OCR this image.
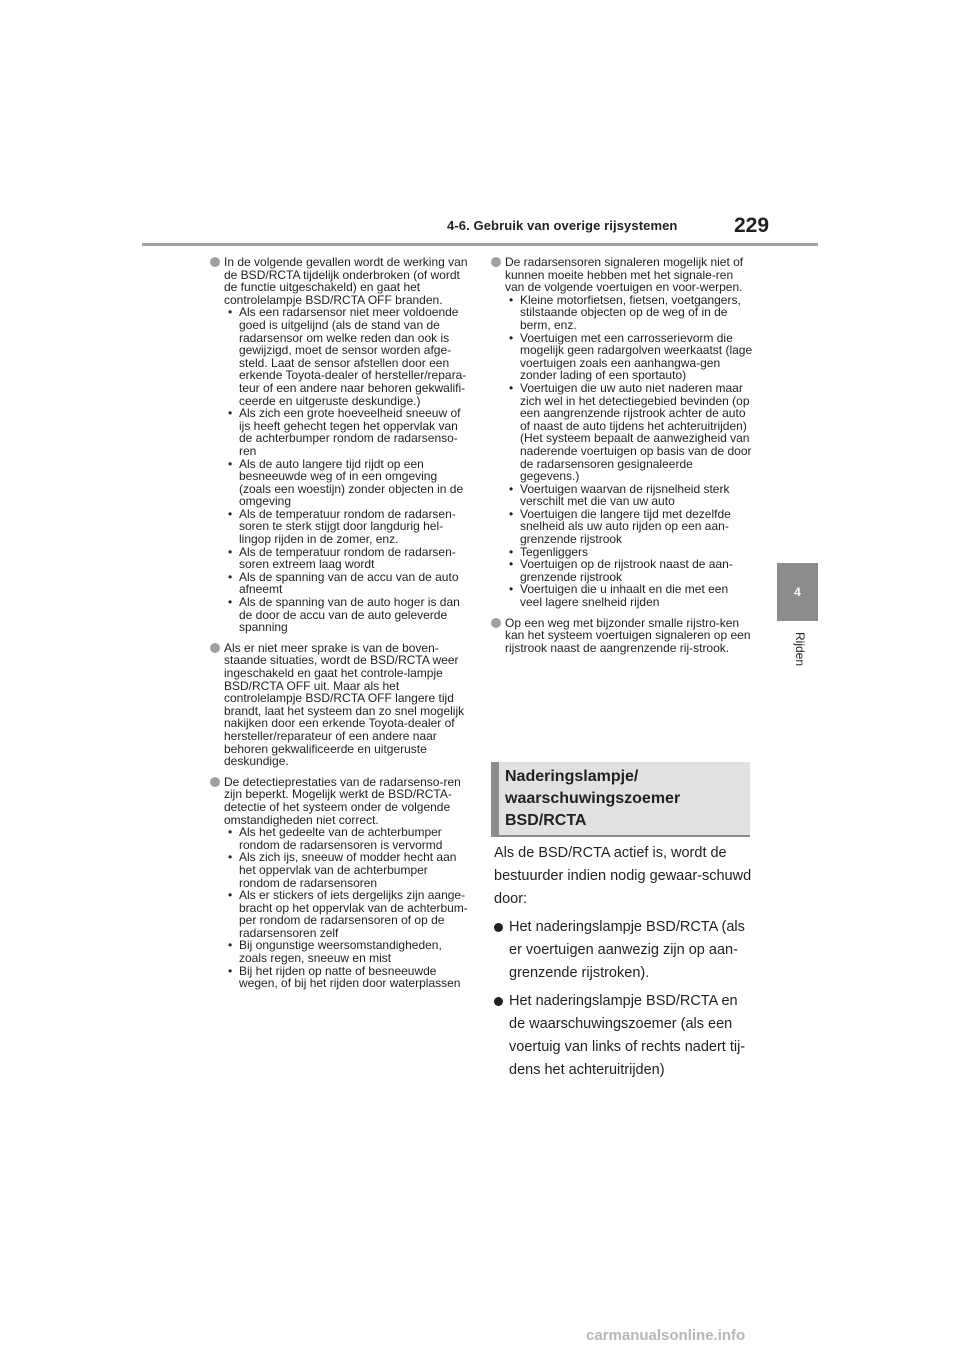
4-6. Gebruik van overige rijsystemen	229
4
Rijden
In de volgende gevallen wordt de werking van de BSD/RCTA tijdelijk onderbroken (of wordt de functie uitgeschakeld) en gaat het controlelampje BSD/RCTA OFF branden.
• Als een radarsensor niet meer voldoende goed is uitgelijnd (als de stand van de radarsensor om welke reden dan ook is gewijzigd, moet de sensor worden afge-steld. Laat de sensor afstellen door een erkende Toyota-dealer of hersteller/repara-teur of een andere naar behoren gekwalifi-ceerde en uitgeruste deskundige.)
• Als zich een grote hoeveelheid sneeuw of ijs heeft gehecht tegen het oppervlak van de achterbumper rondom de radarsenso-ren
• Als de auto langere tijd rijdt op een besneeuwde weg of in een omgeving (zoals een woestijn) zonder objecten in de omgeving
• Als de temperatuur rondom de radarsen-soren te sterk stijgt door langdurig hel-lingop rijden in de zomer, enz.
• Als de temperatuur rondom de radarsen-soren extreem laag wordt
• Als de spanning van de accu van de auto afneemt
• Als de spanning van de auto hoger is dan de door de accu van de auto geleverde spanning
Als er niet meer sprake is van de boven-staande situaties, wordt de BSD/RCTA weer ingeschakeld en gaat het controle-lampje BSD/RCTA OFF uit. Maar als het controlelampje BSD/RCTA OFF langere tijd brandt, laat het systeem dan zo snel mogelijk nakijken door een erkende Toyota-dealer of hersteller/reparateur of een andere naar behoren gekwalificeerde en uitgeruste deskundige.
De detectieprestaties van de radarsenso-ren zijn beperkt. Mogelijk werkt de BSD/RCTA-detectie of het systeem onder de volgende omstandigheden niet correct.
• Als het gedeelte van de achterbumper rondom de radarsensoren is vervormd
• Als zich ijs, sneeuw of modder hecht aan het oppervlak van de achterbumper rondom de radarsensoren
• Als er stickers of iets dergelijks zijn aange-bracht op het oppervlak van de achterbum-per rondom de radarsensoren of op de radarsensoren zelf
• Bij ongunstige weersomstandigheden, zoals regen, sneeuw en mist
• Bij het rijden op natte of besneeuwde wegen, of bij het rijden door waterplassen
De radarsensoren signaleren mogelijk niet of kunnen moeite hebben met het signale-ren van de volgende voertuigen en voor-werpen.
• Kleine motorfietsen, fietsen, voetgangers, stilstaande objecten op de weg of in de berm, enz.
• Voertuigen met een carrosserievorm die mogelijk geen radargolven weerkaatst (lage voertuigen zoals een aanhangwa-gen zonder lading of een sportauto)
• Voertuigen die uw auto niet naderen maar zich wel in het detectiegebied bevinden (op een aangrenzende rijstrook achter de auto of naast de auto tijdens het achteruitrijden) (Het systeem bepaalt de aanwezigheid van naderende voertuigen op basis van de door de radarsensoren gesignaleerde gegevens.)
• Voertuigen waarvan de rijsnelheid sterk verschilt met die van uw auto
• Voertuigen die langere tijd met dezelfde snelheid als uw auto rijden op een aan-grenzende rijstrook
• Tegenliggers
• Voertuigen op de rijstrook naast de aan-grenzende rijstrook
• Voertuigen die u inhaalt en die met een veel lagere snelheid rijden
Op een weg met bijzonder smalle rijstro-ken kan het systeem voertuigen signaleren op een rijstrook naast de aangrenzende rij-strook.
Naderingslampje/
waarschuwingszoemer
BSD/RCTA
Als de BSD/RCTA actief is, wordt de bestuurder indien nodig gewaar-schuwd door:
Het naderingslampje BSD/RCTA (als er voertuigen aanwezig zijn op aan-grenzende rijstroken).
Het naderingslampje BSD/RCTA en de waarschuwingszoemer (als een voertuig van links of rechts nadert tij-dens het achteruitrijden)
carmanualsonline.info
